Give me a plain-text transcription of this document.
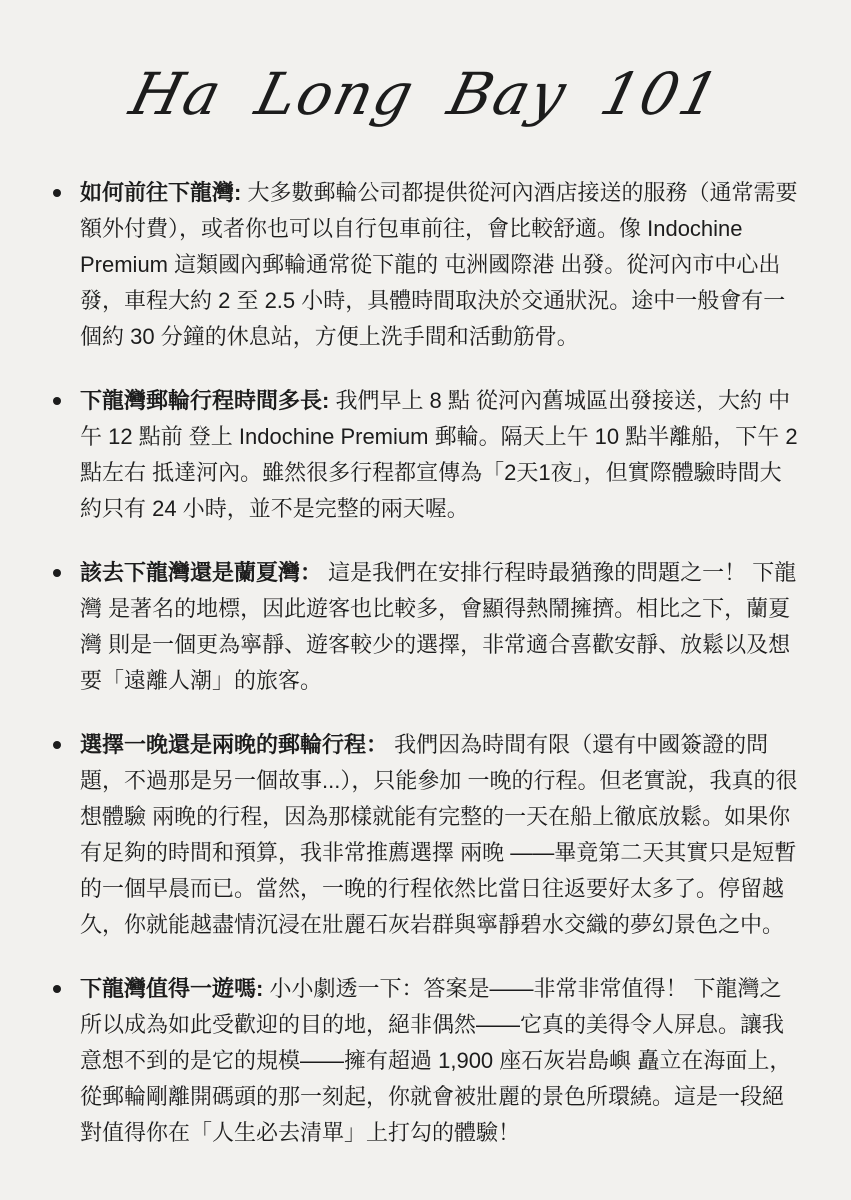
Ha Long Bay 101
如何前往下龍灣: 大多數郵輪公司都提供從河內酒店接送的服務（通常需要額外付費），或者你也可以自行包車前往，會比較舒適。像 Indochine Premium 這類國內郵輪通常從下龍的 屯洲國際港 出發。從河內市中心出發，車程大約 2 至 2.5 小時，具體時間取決於交通狀況。途中一般會有一個約 30 分鐘的休息站，方便上洗手間和活動筋骨。
下龍灣郵輪行程時間多長: 我們早上 8 點 從河內舊城區出發接送，大約 中午 12 點前 登上 Indochine Premium 郵輪。隔天上午 10 點半離船，下午 2 點左右 抵達河內。雖然很多行程都宣傳為「2天1夜」，但實際體驗時間大約只有 24 小時，並不是完整的兩天喔。
該去下龍灣還是蘭夏灣： 這是我們在安排行程時最猶豫的問題之一！ 下龍灣 是著名的地標，因此遊客也比較多，會顯得熱鬧擁擠。相比之下，蘭夏灣 則是一個更為寧靜、遊客較少的選擇，非常適合喜歡安靜、放鬆以及想要「遠離人潮」的旅客。
選擇一晚還是兩晚的郵輪行程： 我們因為時間有限（還有中國簽證的問題，不過那是另一個故事...），只能參加 一晚的行程。但老實說，我真的很想體驗 兩晚的行程，因為那樣就能有完整的一天在船上徹底放鬆。如果你有足夠的時間和預算，我非常推薦選擇 兩晚 ——畢竟第二天其實只是短暫的一個早晨而已。當然，一晚的行程依然比當日往返要好太多了。停留越久，你就能越盡情沉浸在壯麗石灰岩群與寧靜碧水交織的夢幻景色之中。
下龍灣值得一遊嗎: 小小劇透一下：答案是——非常非常值得！ 下龍灣之所以成為如此受歡迎的目的地，絕非偶然——它真的美得令人屏息。讓我意想不到的是它的規模——擁有超過 1,900 座石灰岩島嶼 矗立在海面上，從郵輪剛離開碼頭的那一刻起，你就會被壯麗的景色所環繞。這是一段絕對值得你在「人生必去清單」上打勾的體驗！
